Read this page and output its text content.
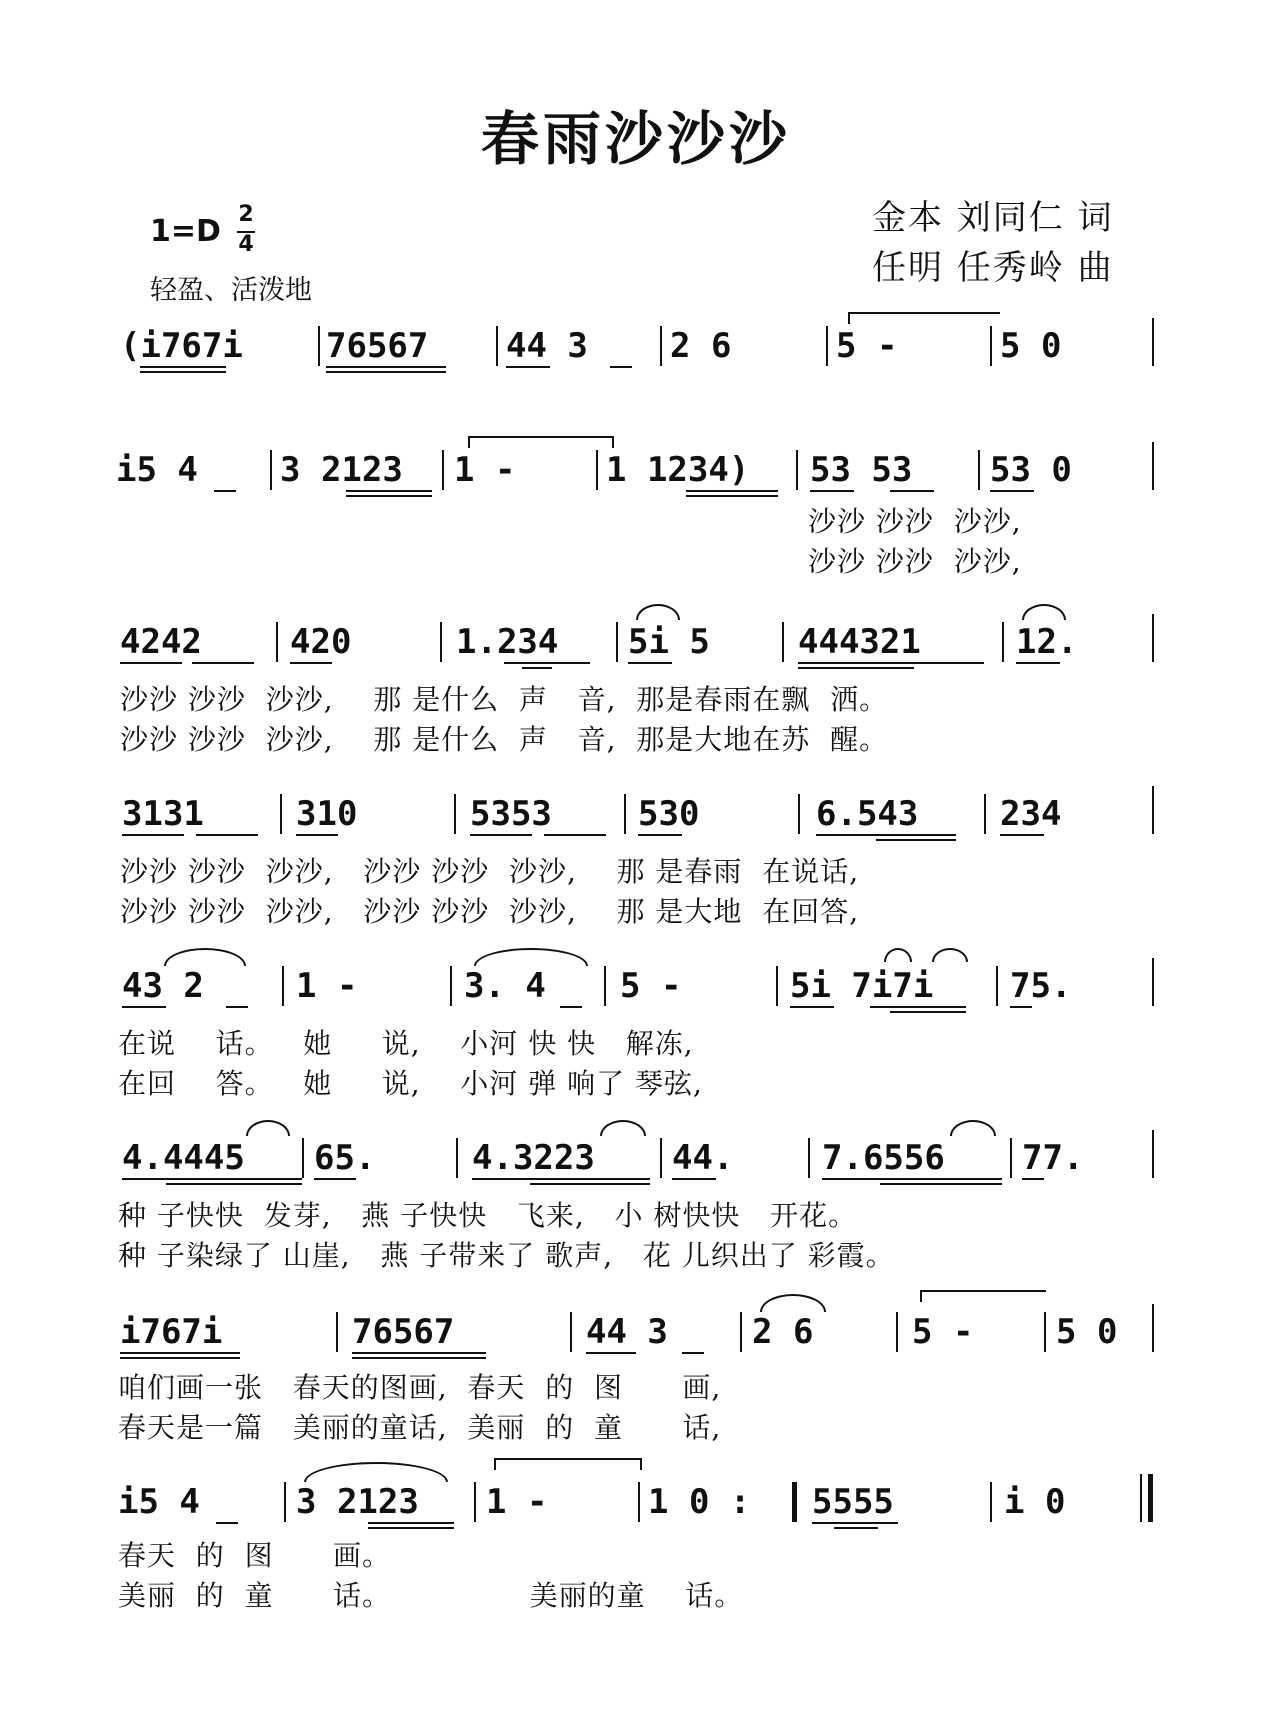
春雨沙沙沙
金本 刘同仁 词
任明 任秀岭 曲
1=D 2
4
轻盈、活泼地
(i767i 76567 44 3 2 6	5 -	5 0
i5 4 3 2123 1 -	1 1234) 53 53 53 0
沙沙 沙沙  沙沙,
沙沙 沙沙  沙沙,
4242	420	1.234 5i 5	444321	12.
沙沙 沙沙  沙沙,    那 是什么  声   音,  那是春雨在飘  洒。
沙沙 沙沙  沙沙,    那 是什么  声   音,  那是大地在苏  醒。
3131	310	5353	530	6.543 234
沙沙 沙沙  沙沙,   沙沙 沙沙  沙沙,    那 是春雨  在说话,
沙沙 沙沙  沙沙,   沙沙 沙沙  沙沙,    那 是大地  在回答,
43 2	1 -	3. 4 5 -	5i 7i7i 75.
在说    话。   她     说,    小河 快 快   解冻,
在回    答。   她     说,    小河 弹 响了 琴弦,
4.4445 65.	4.3223 44.	7.6556 77.
种 子快快  发芽,   燕 子快快   飞来,   小 树快快   开花。
种 子染绿了 山崖,   燕 子带来了 歌声,   花 儿织出了 彩霞。
i767i	76567	44 3 2 6	5 - 5 0
咱们画一张   春天的图画,  春天  的  图      画,
春天是一篇   美丽的童话,  美丽  的  童      话,
i5 4	3 2123 1 -	1 0 : 5555	i 0
春天  的  图      画。
美丽  的  童      话。              美丽的童    话。
